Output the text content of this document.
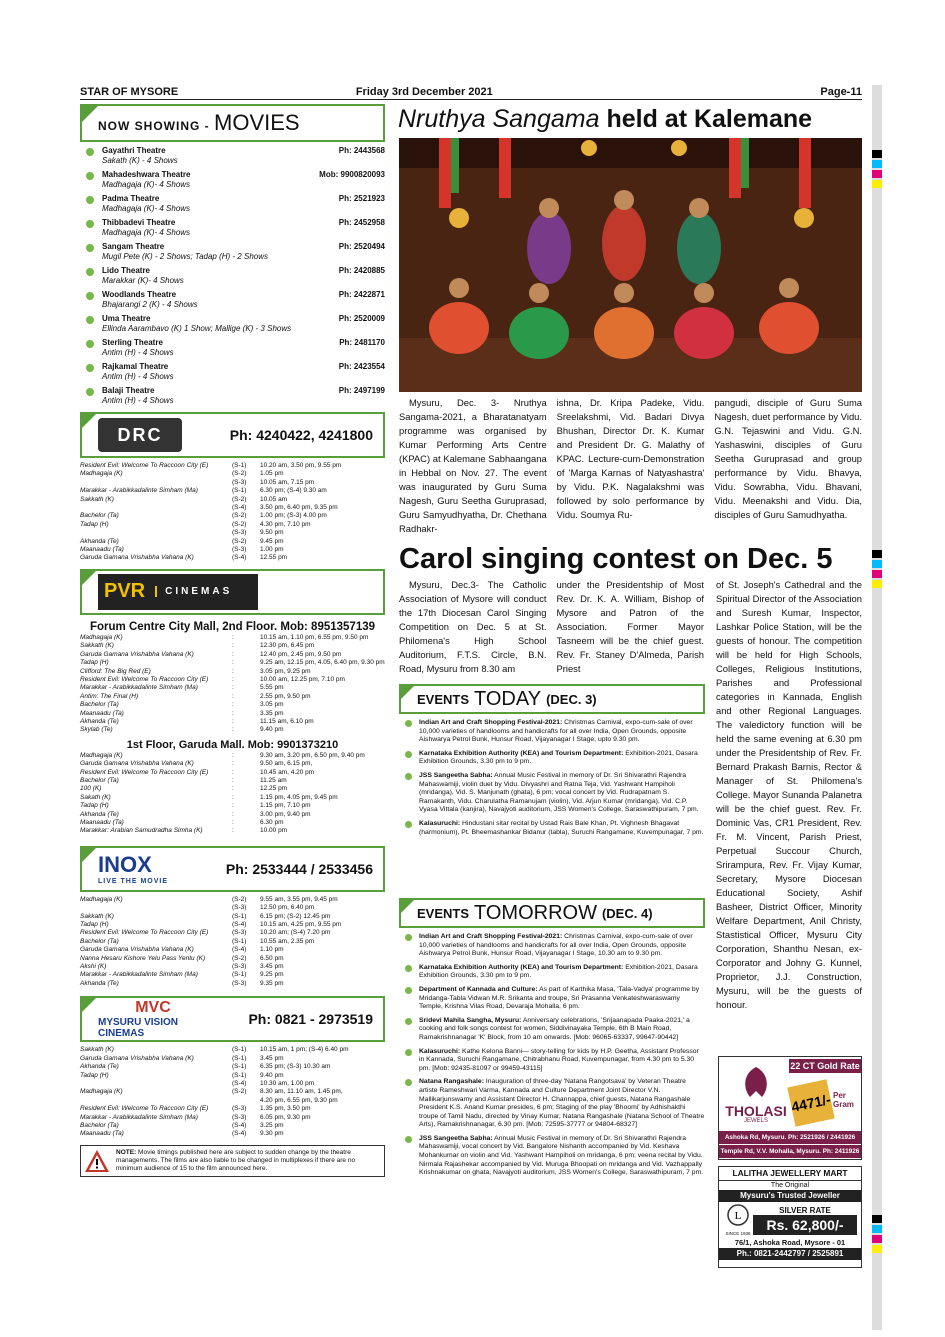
STAR OF MYSORE	Friday 3rd December 2021	Page-11
NOW SHOWING - MOVIES
Gayathri Theatre
Sakath (K) - 4 Shows
Ph: 2443568
Mahadeshwara Theatre
Madhagaja (K)- 4 Shows
Mob: 9900820093
Padma Theatre
Madhagaja (K)- 4 Shows
Ph: 2521923
Thibbadevi Theatre
Madhagaja (K)- 4 Shows
Ph: 2452958
Sangam Theatre
Mugil Pete (K) - 2 Shows; Tadap (H) - 2 Shows
Ph: 2520494
Lido Theatre
Marakkar (K)- 4 Shows
Ph: 2420885
Woodlands Theatre
Bhajarangi 2 (K) - 4 Shows
Ph: 2422871
Uma Theatre
Ellinda Aarambavo (K) 1 Show; Mallige (K) - 3 Shows
Ph: 2520009
Sterling Theatre
Antim (H) - 4 Shows
Ph: 2481170
Rajkamal Theatre
Antim (H) - 4 Shows
Ph: 2423554
Balaji Theatre
Antim (H) - 4 Shows
Ph: 2497199
DRC	Ph: 4240422, 4241800
Resident Evil: Welcome To Raccoon City (E)	(S-1)	10.20 am, 3.50 pm, 9.55 pm
Madhagaja (K)	(S-2)	1.05 pm
(S-3)	10.05 am, 7.15 pm
Marakkar - Arabikkadalinte Simham (Ma)	(S-1)	6.30 pm; (S-4) 9.30 am
Sakkath (K)	(S-2)	10.05 am
(S-4)	3.50 pm, 6.40 pm, 9.35 pm
Bachelor (Ta)	(S-2)	1.00 pm; (S-3) 4.00 pm
Tadap (H)	(S-2)	4.30 pm, 7.10 pm
(S-3)	9.50 pm
Akhanda (Te)	(S-2)	9.45 pm
Maanaadu (Ta)	(S-3)	1.00 pm
Garuda Gamana Vrishabha Vahana (K)	(S-4)	12.55 pm
PVR	CINEMAS
Forum Centre City Mall, 2nd Floor. Mob: 8951357139
Madhagaja (K)	:	10.15 am, 1.10 pm, 6.55 pm, 9.50 pm
Sakkath (K)	:	12.30 pm, 6.45 pm
Garuda Gamana Vrishabha Vahana (K)	:	12.40 pm, 2.45 pm, 9.50 pm
Tadap (H)	:	9.25 am, 12.15 pm, 4.05, 6.40 pm, 9.30 pm
Clifford: The Big Red (E)	:	3.05 pm, 9.25 pm
Resident Evil: Welcome To Raccoon City (E)	:	10.00 am, 12.25 pm, 7.10 pm
Marakkar - Arabikkadalinte Simham (Ma)	:	5.55 pm
Antim: The Final (H)	:	2.55 pm, 9.50 pm
Bachelor (Ta)	:	3.05 pm
Maanaadu (Ta)	:	3.35 pm
Akhanda (Te)	:	11.15 am, 6.10 pm
Skylab (Te)	:	9.40 pm
1st Floor, Garuda Mall. Mob: 9901373210
Madhagaja (K)	:	9.30 am, 3.20 pm, 6.50 pm, 9.40 pm
Garuda Gamana Vrishabha Vahana (K)	:	9.50 am, 6.15 pm,
Resident Evil: Welcome To Raccoon City (E)	:	10.45 am, 4.20 pm
Bachelor (Ta)	:	11.25 am
100 (K)	:	12.25 pm
Sakath (K)	:	1.15 pm, 4.05 pm, 9.45 pm
Tadap (H)	:	1.15 pm, 7.10 pm
Akhanda (Te)	:	3.00 pm, 9.40 pm
Maanaadu (Ta)	:	6.30 pm
Marakkar: Arabian Samudradha Simha (K)	:	10.00 pm
INOX
LIVE THE MOVIE
Ph: 2533444 / 2533456
Madhagaja (K)	(S-2)	9.55 am, 3.55 pm, 9.45 pm
(S-3)	12.50 pm, 6.40 pm
Sakkath (K)	(S-1)	6.15 pm; (S-2) 12.45 pm
Tadap (H)	(S-4)	10.15 am, 4.25 pm, 9.55 pm
Resident Evil: Welcome To Raccoon City (E)	(S-3)	10.20 am; (S-4) 7.20 pm
Bachelor (Ta)	(S-1)	10.55 am, 2.35 pm
Garuda Gamana Vrishabha Vahana (K)	(S-4)	1.10 pm
Nanna Hesaru Kishore Yelu Pass Yentu (K)	(S-2)	6.50 pm
Akshi (K)	(S-3)	3.45 pm
Marakkar - Arabikkadalinte Simham (Ma)	(S-1)	9.25 pm
Akhanda (Te)	(S-3)	9.35 pm
MVC
MYSURU VISION CINEMAS
Ph: 0821 - 2973519
Sakkath (K)	(S-1)	10.15 am, 1 pm; (S-4) 6.40 pm
Garuda Gamana Vrishabha Vahana (K)	(S-1)	3.45 pm
Akhanda (Te)	(S-1)	6.35 pm; (S-3) 10.30 am
Tadap (H)	(S-1)	9.40 pm
(S-4)	10.30 am, 1.00 pm
Madhagaja (K)	(S-2)	8.30 am, 11.10 am, 1.45 pm,
4.20 pm, 6.55 pm, 9.30 pm
Resident Evil: Welcome To Raccoon City (E)	(S-3)	1.35 pm, 3.50 pm
Marakkar - Arabikkadalinte Simham (Ma)	(S-3)	6.05 pm, 9.30 pm
Bachelor (Ta)	(S-4)	3.25 pm
Maanaadu (Ta)	(S-4)	9.30 pm
NOTE: Movie timings published here are subject to sudden change by the theatre managements. The films are also liable to be changed in multiplexes if there are no minimum audience of 15 to the film announced here.
Nruthya Sangama held at Kalemane

Mysuru, Dec. 3- Nruthya Sangama-2021, a Bharatanatyam programme was organised by Kumar Performing Arts Centre (KPAC) at Kalemane Sabhaangana in Hebbal on Nov. 27. The event was inaugurated by Guru Suma Nagesh, Guru Seetha Guruprasad, Guru Samyudhyatha, Dr. Chethana Radhakr-

ishna, Dr. Kripa Padeke, Vidu. Sreelakshmi, Vid. Badari Divya Bhushan, Director Dr. K. Kumar and President Dr. G. Malathy of KPAC. Lecture-cum-Demonstration of 'Marga Karnas of Natyashastra' by Vidu. P.K. Nagalakshmi was followed by solo performance by Vidu. Soumya Ru-

pangudi, disciple of Guru Suma Nagesh, duet performance by Vidu. G.N. Tejaswini and Vidu. G.N. Yashaswini, disciples of Guru Seetha Guruprasad and group performance by Vidu. Bhavya, Vidu. Sowrabha, Vidu. Bhavani, Vidu. Meenakshi and Vidu. Dia, disciples of Guru Samudhyatha.

Carol singing contest on Dec. 5

Mysuru, Dec.3- The Catholic Association of Mysore will conduct the 17th Diocesan Carol Singing Competition on Dec. 5 at St. Philomena's High School Auditorium, F.T.S. Circle, B.N. Road, Mysuru from 8.30 am

under the Presidentship of Most Rev. Dr. K. A. William, Bishop of Mysore and Patron of the Association. Former Mayor Tasneem will be the chief guest. Rev. Fr. Staney D'Almeda, Parish Priest

of St. Joseph's Cathedral and the Spiritual Director of the Association and Suresh Kumar, Inspector, Lashkar Police Station, will be the guests of honour. The competition will be held for High Schools, Colleges, Religious Institutions, Parishes and Professional categories in Kannada, English and other Regional Languages. The valedictory function will be held the same evening at 6.30 pm under the Presidentship of Rev. Fr. Bernard Prakash Barnis, Rector & Manager of St. Philomena's College. Mayor Sunanda Palanetra will be the chief guest. Rev. Fr. Dominic Vas, CR1 President, Rev. Fr. M. Vincent, Parish Priest, Perpetual Succour Church, Srirampura, Rev. Fr. Vijay Kumar, Secretary, Mysore Diocesan Educational Society, Ashif Basheer, District Officer, Minority Welfare Department, Anil Christy, Stastistical Officer, Mysuru City Corporation, Shanthu Nesan, ex-Corporator and Johny G. Kunnel, Proprietor, J.J. Construction, Mysuru, will be the guests of honour.

EVENTS TODAY (DEC. 3)
Indian Art and Craft Shopping Festival-2021: Christmas Carnival, expo-cum-sale of over 10,000 varieties of handlooms and handicrafts for all over India, Open Grounds, opposite Aishwarya Petrol Bunk, Hunsur Road, Vijayanagar I Stage, upto 9.30 pm.
Karnataka Exhibition Authority (KEA) and Tourism Department: Exhibition-2021, Dasara Exhibition Grounds, 3.30 pm to 9 pm.
JSS Sangeetha Sabha: Annual Music Festival in memory of Dr. Sri Shivarathri Rajendra Mahaswamiji, violin duet by Vidu. Divyashri and Ratna Teja, Vid. Yashwant Hampiholi (mridanga), Vid. S. Manjunath (ghata), 6 pm; vocal concert by Vid. Rudrapatnam S. Ramakanth, Vidu. Charulatha Ramanujam (violin), Vid. Arjun Kumar (mridanga), Vid. C.P. Vyasa Vittala (kanjira), Navajyoti auditorium, JSS Women's College, Saraswathipuram, 7 pm.
Kalasuruchi: Hindustani sitar recital by Ustad Rais Bale Khan, Pt. Vighnesh Bhagavat (harmonium), Pt. Bheemashankar Bidanur (tabla), Suruchi Rangamane, Kuvempunagar, 7 pm.
EVENTS TOMORROW (DEC. 4)
Indian Art and Craft Shopping Festival-2021: Christmas Carnival, expo-cum-sale of over 10,000 varieties of handlooms and handicrafts for all over India, Open Grounds, opposite Aishwarya Petrol Bunk, Hunsur Road, Vijayanagar I Stage, 10.30 am to 9.30 pm.
Karnataka Exhibition Authority (KEA) and Tourism Department: Exhibition-2021, Dasara Exhibition Grounds, 3.30 pm to 9 pm.
Department of Kannada and Culture: As part of Karthika Masa, 'Tala-Vadya' programme by Mridanga-Tabla Vidwan M.R. Srikanta and troupe, Sri Prasanna Venkateshwaraswamy Temple, Krishna Vilas Road, Devaraja Mohalla, 6 pm.
Sridevi Mahila Sangha, Mysuru: Anniversary celebrations, 'Srijaanapada Paaka-2021,' a cooking and folk songs contest for women, Siddivinayaka Temple, 6th B Main Road, Ramakrishnanagar 'K' Block, from 10 am onwards. [Mob: 96065-63337, 99647-90442]
Kalasuruchi: Kathe Kelona Banni— story-telling for kids by H.P. Geetha, Assistant Professor in Kannada, Suruchi Rangamane, Chitrabhanu Road, Kuvempunagar, from 4.30 pm to 5.30 pm. [Mob: 92435-81097 or 99459-43115]
Natana Rangashale: Inauguration of three-day 'Natana Rangotsava' by Veteran Theatre artiste Rameshwari Varma, Kannada and Culture Department Joint Director V.N. Mallikarjunswamy and Assistant Director H. Channappa, chief guests, Natana Rangashale President K.S. Anand Kumar presides, 6 pm; Staging of the play 'Bhoomi' by Adhishakthi troupe of Tamil Nadu, directed by Vinay Kumar, Natana Rangashale (Natana School of Theatre Arts), Ramakrishnanagar, 6.30 pm. [Mob: 72595-37777 or 94804-68327]
JSS Sangeetha Sabha: Annual Music Festival in memory of Dr. Sri Shivarathri Rajendra Mahaswamiji, vocal concert by Vid. Bangalore Nishanth accompanied by Vid. Keshava Mohankumar on violin and Vid. Yashwant Hampiholi on mridanga, 6 pm; veena recital by Vidu. Nirmala Rajashekar accompanied by Vid. Muruga Bhoopati on mridanga and Vid. Vazhappally Krishnakumar on ghata, Navajyoti auditorium, JSS Women's College, Saraswathipuram, 7 pm.
22 CT Gold Rate
THOLASI
JEWELS
4471/- Per Gram
Ashoka Rd, Mysuru. Ph: 2521926 / 2441926
Temple Rd, V.V. Mohalla, Mysuru. Ph: 2411926
LALITHA JEWELLERY MART
The Original
Mysuru's Trusted Jeweller
L
SINCE 1936
SILVER RATE
Rs. 62,800/-
76/1, Ashoka Road, Mysore - 01
Ph.: 0821-2442797 / 2525891
